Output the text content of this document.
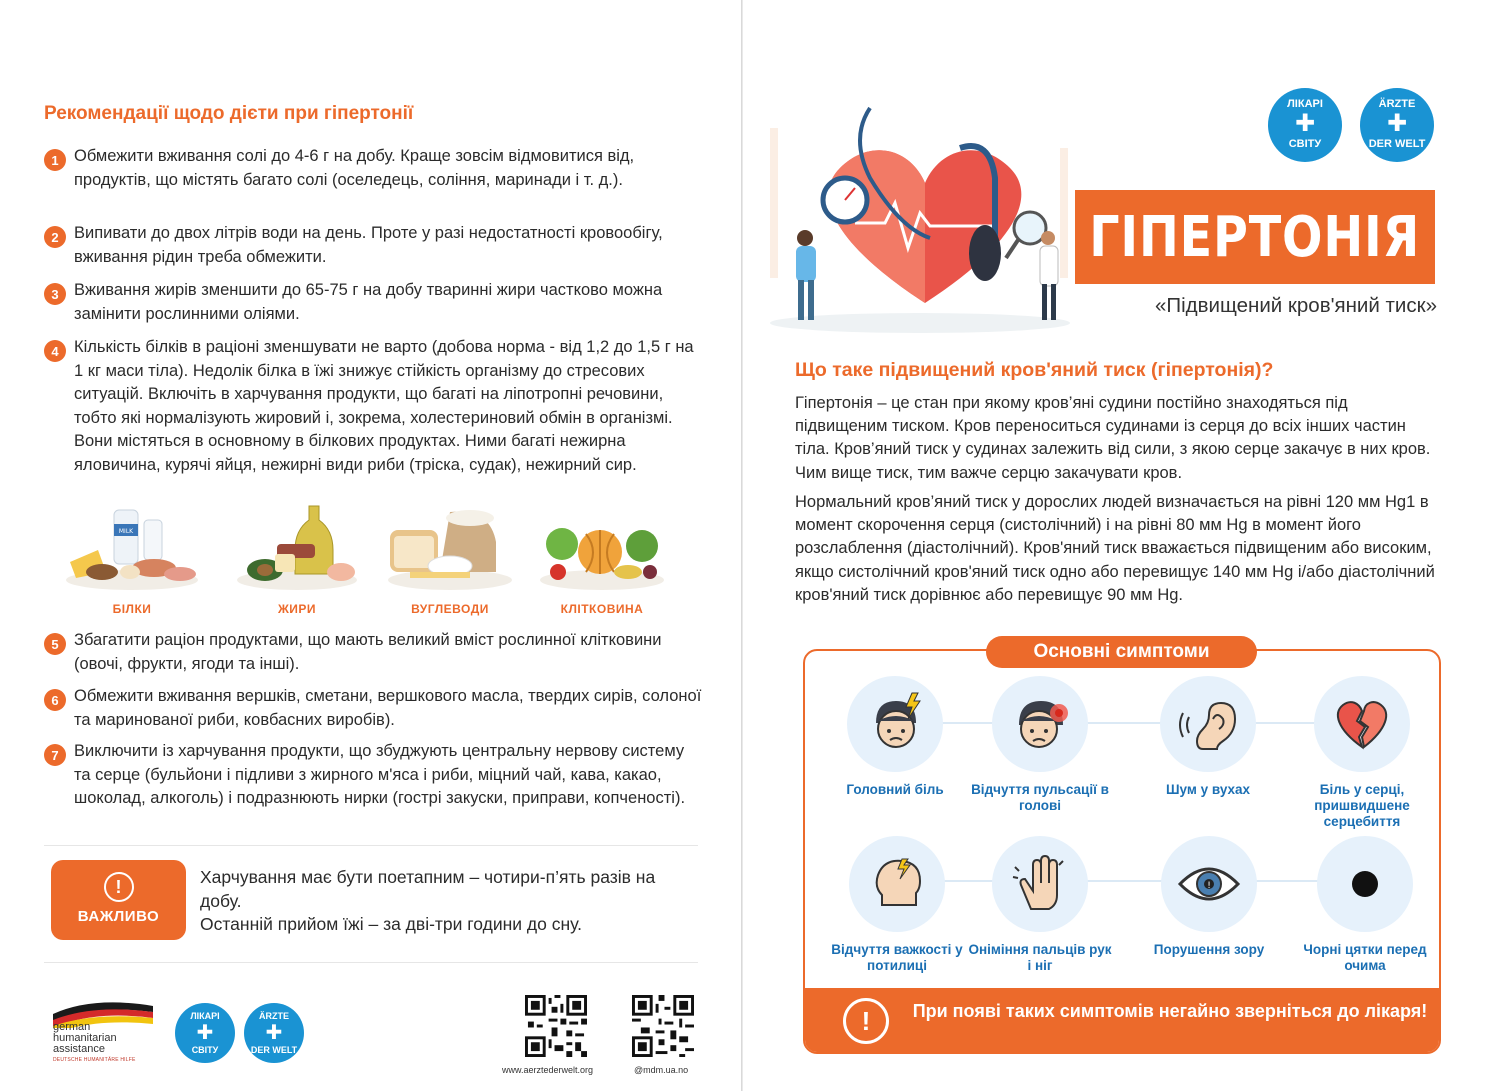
Рекомендації щодо дієти при гіпертонії
1 Обмежити вживання солі до 4-6 г на добу. Краще зовсім відмовитися від, продуктів, що містять багато солі (оселедець, соління, маринади і т. д.).
2 Випивати до двох літрів води на день. Проте у разі недостатності кровообігу, вживання рідин треба обмежити.
3 Вживання жирів зменшити до 65-75 г на добу тваринні жири частково можна замінити рослинними оліями.
4 Кількість білків в раціоні зменшувати не варто (добова норма - від 1,2 до 1,5 г на 1 кг маси тіла). Недолік білка в їжі знижує стійкість організму до стресових ситуацій. Включіть в харчування продукти, що багаті на ліпотропні речовини, тобто які нормалізують жировий і, зокрема, холестериновий обмін в організмі. Вони містяться в основному в білкових продуктах. Ними багаті нежирна яловичина, курячі яйця, нежирні види риби (тріска, судак), нежирний сир.
MILK
БІЛКИ	ЖИРИ	ВУГЛЕВОДИ	КЛІТКОВИНА
5 Збагатити раціон продуктами, що мають великий вміст рослинної клітковини (овочі, фрукти, ягоди та інші).
6 Обмежити вживання вершків, сметани, вершкового масла, твердих сирів, солоної та маринованої риби, ковбасних виробів).
7 Виключити із харчування продукти, що збуджують центральну нервову систему та серце (бульйони і підливи з жирного м'яса і риби, міцний чай, кава, какао, шоколад, алкоголь) і подразнюють нирки (гострі закуски, приправи, копченості).
!
ВАЖЛИВО
Харчування має бути поетапним – чотири-п’ять разів на добу.
Останній прийом їжі – за дві-три години до сну.
german
humanitarian
assistance
DEUTSCHE HUMANITÄRE HILFE
ЛІКАРІ
✚
СВІТУ
ÄRZTE
✚
DER WELT
www.aerztederwelt.org	@mdm.ua.no
ЛІКАРІ
✚
СВІТУ
ÄRZTE
✚
DER WELT
ГІПЕРТОНІЯ
«Підвищений кров'яний тиск»
Що таке підвищений кров'яний тиск (гіпертонія)?
Гіпертонія – це стан при якому кров’яні судини постійно знаходяться під підвищеним тиском. Кров переноситься судинами із серця до всіх інших частин тіла. Кров’яний тиск у судинах залежить від сили, з якою серце закачує в них кров. Чим вище тиск, тим важче серцю закачувати кров.
Нормальний кров’яний тиск у дорослих людей визначається на рівні 120 мм Hg1 в момент скорочення серця (систолічний) і на рівні 80 мм Hg в момент його розслаблення (діастолічний). Кров'яний тиск вважається підвищеним або високим, якщо систолічний кров'яний тиск одно або перевищує 140 мм Hg і/або діастолічний кров'яний тиск дорівнює або перевищує 90 мм Hg.
Основні симптоми
Головний біль	Відчуття пульсації в голові
Шум у вухах	Біль у серці, пришвидшене серцебиття
Відчуття важкості у потилиці
Оніміння пальців рук і ніг
!
Порушення зору	Чорні цятки перед очима
!	При появі таких симптомів негайно зверніться до лікаря!
